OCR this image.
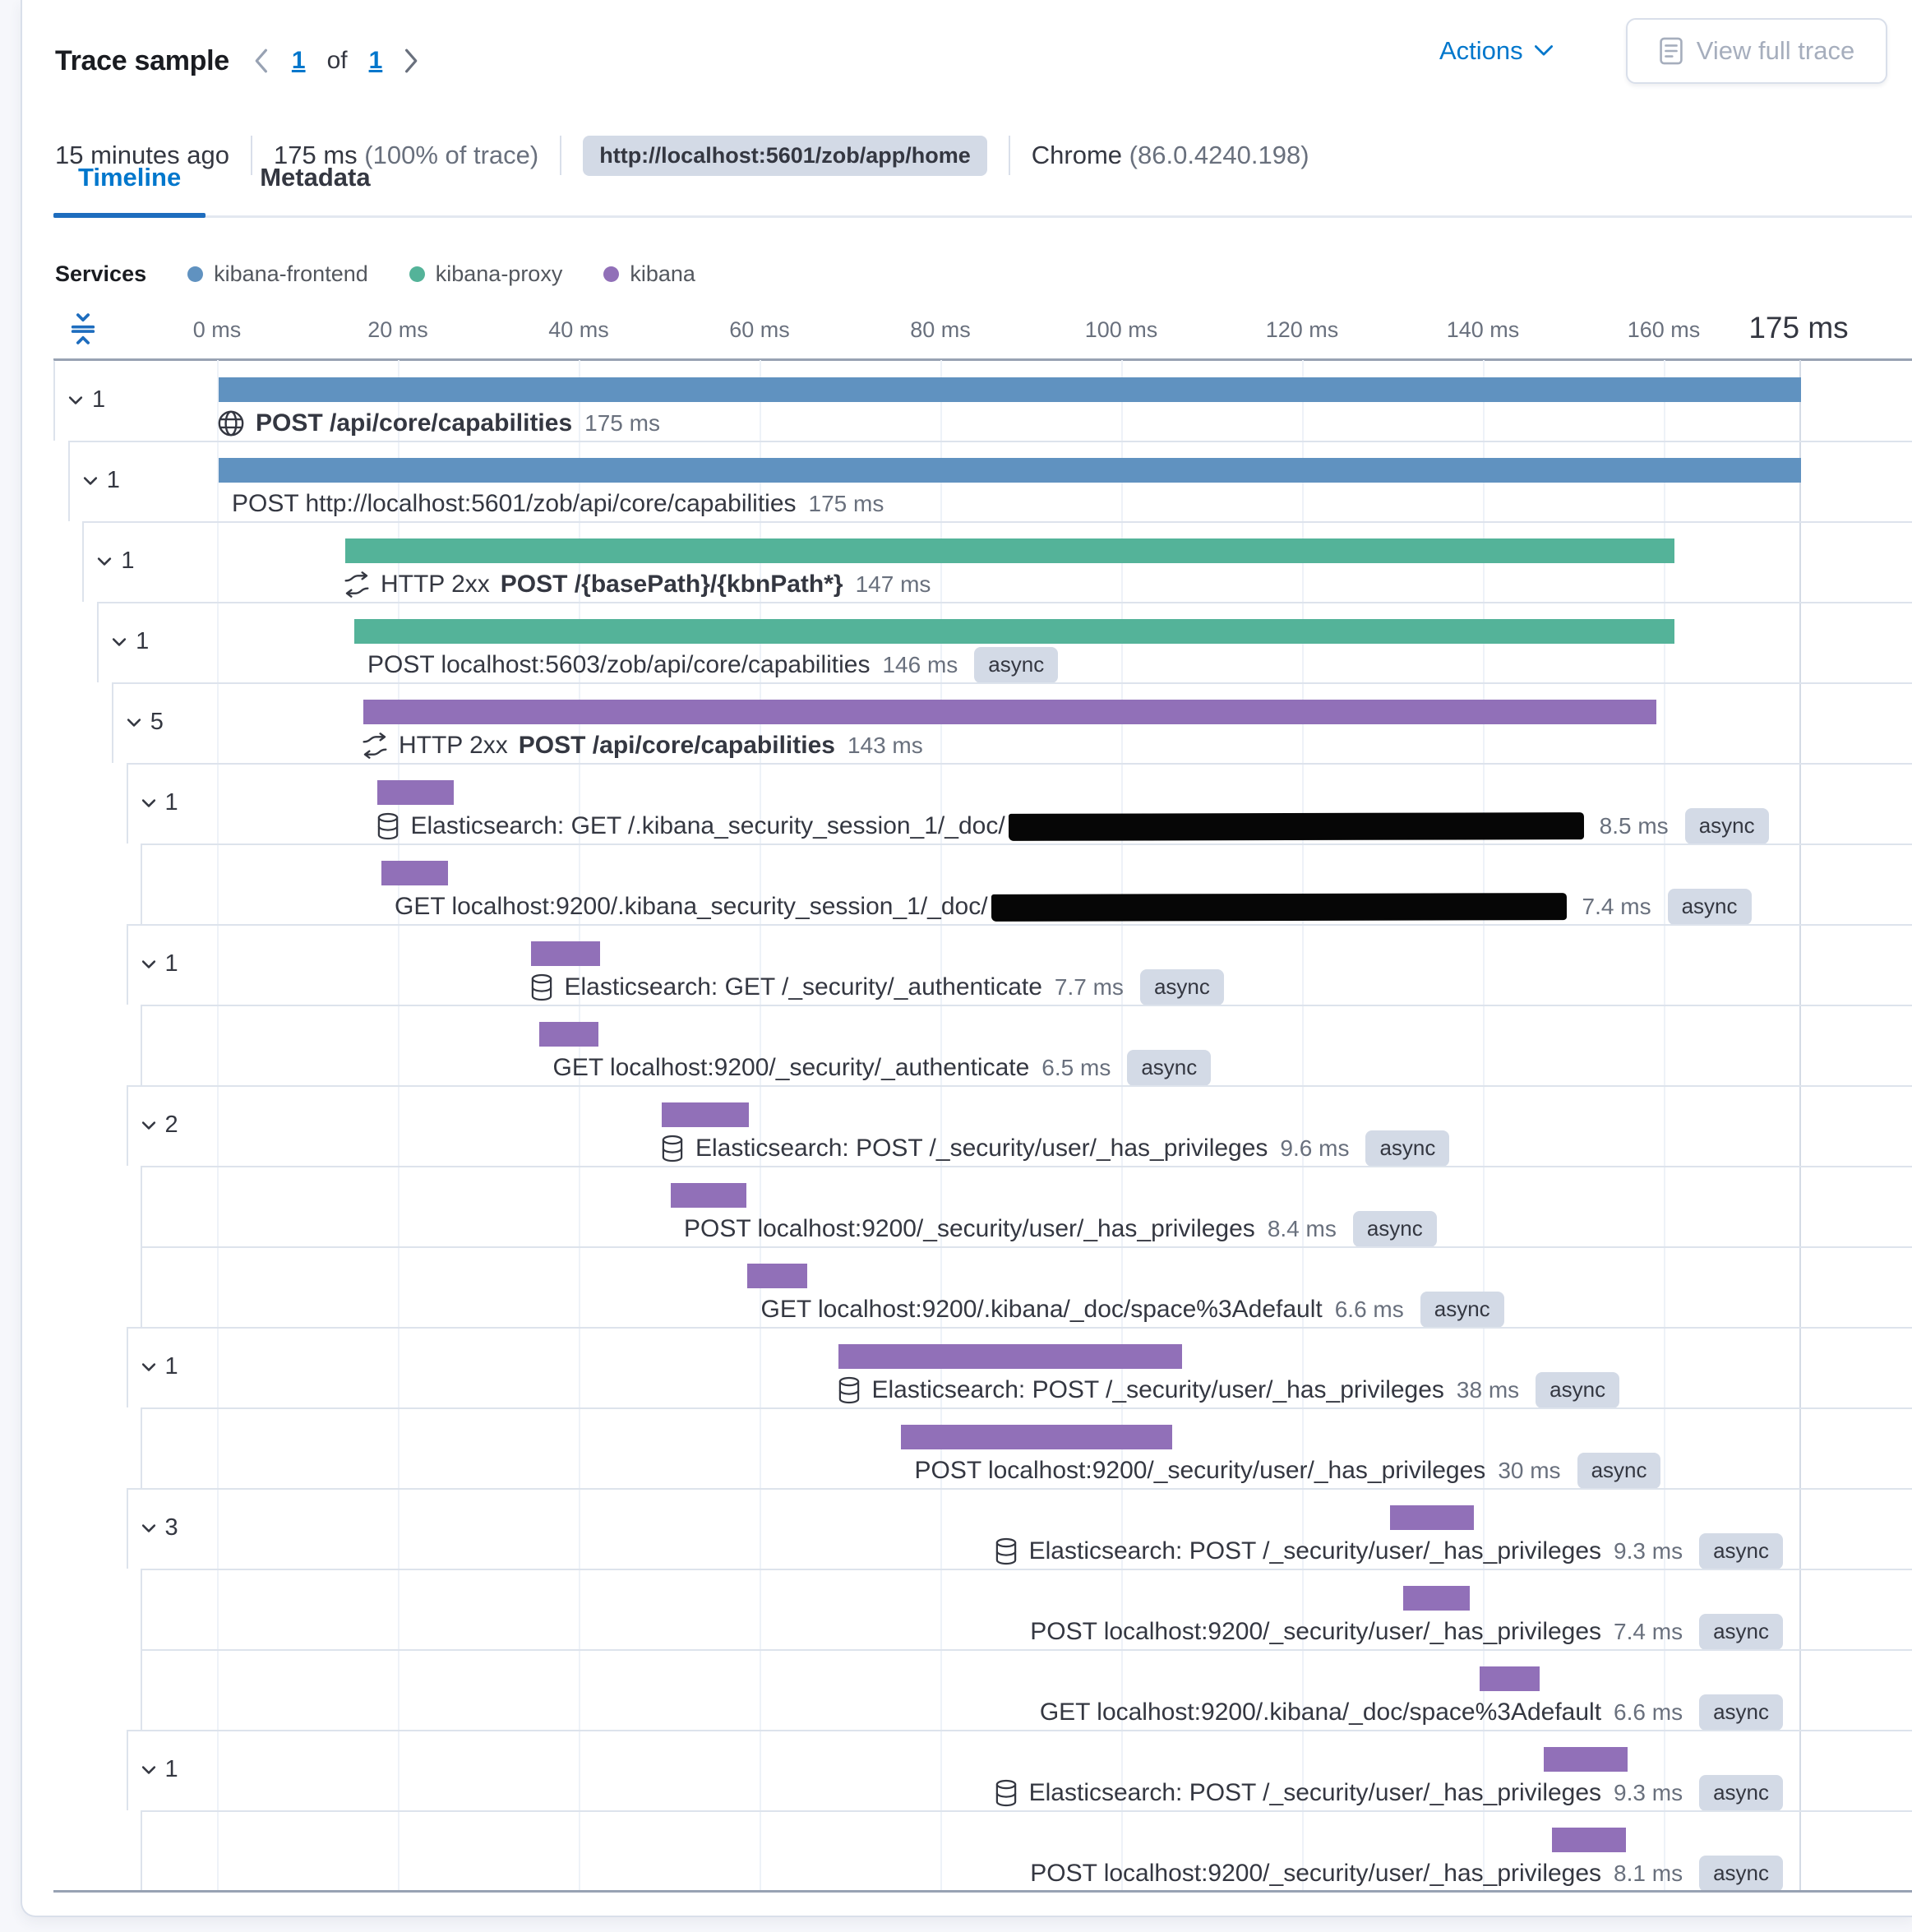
Trace sample	1 of 1	Actions	View full trace
15 minutes ago 175 ms (100% of trace)	http://localhost:5601/zob/app/home	Chrome (86.0.4240.198)
Timeline	Metadata
Services	kibana-frontend	kibana-proxy	kibana
0 ms	20 ms	40 ms	60 ms	80 ms	100 ms	120 ms	140 ms	160 ms	175 ms
1
POST /api/core/capabilities 175 ms
1
POST http://localhost:5601/zob/api/core/capabilities 175 ms
1
HTTP 2xx POST /{basePath}/{kbnPath*} 147 ms
1
POST localhost:5603/zob/api/core/capabilities 146 ms	async
5
HTTP 2xx POST /api/core/capabilities 143 ms
1
Elasticsearch: GET /.kibana_security_session_1/_doc/	8.5 ms	async
GET localhost:9200/.kibana_security_session_1/_doc/	7.4 ms	async
1
Elasticsearch: GET /_security/_authenticate 7.7 ms	async
GET localhost:9200/_security/_authenticate 6.5 ms	async
2
Elasticsearch: POST /_security/user/_has_privileges 9.6 ms	async
POST localhost:9200/_security/user/_has_privileges 8.4 ms	async
GET localhost:9200/.kibana/_doc/space%3Adefault 6.6 ms	async
1
Elasticsearch: POST /_security/user/_has_privileges 38 ms	async
POST localhost:9200/_security/user/_has_privileges 30 ms	async
3
Elasticsearch: POST /_security/user/_has_privileges 9.3 ms	async
POST localhost:9200/_security/user/_has_privileges 7.4 ms	async
GET localhost:9200/.kibana/_doc/space%3Adefault 6.6 ms	async
1
Elasticsearch: POST /_security/user/_has_privileges 9.3 ms	async
POST localhost:9200/_security/user/_has_privileges 8.1 ms	async
